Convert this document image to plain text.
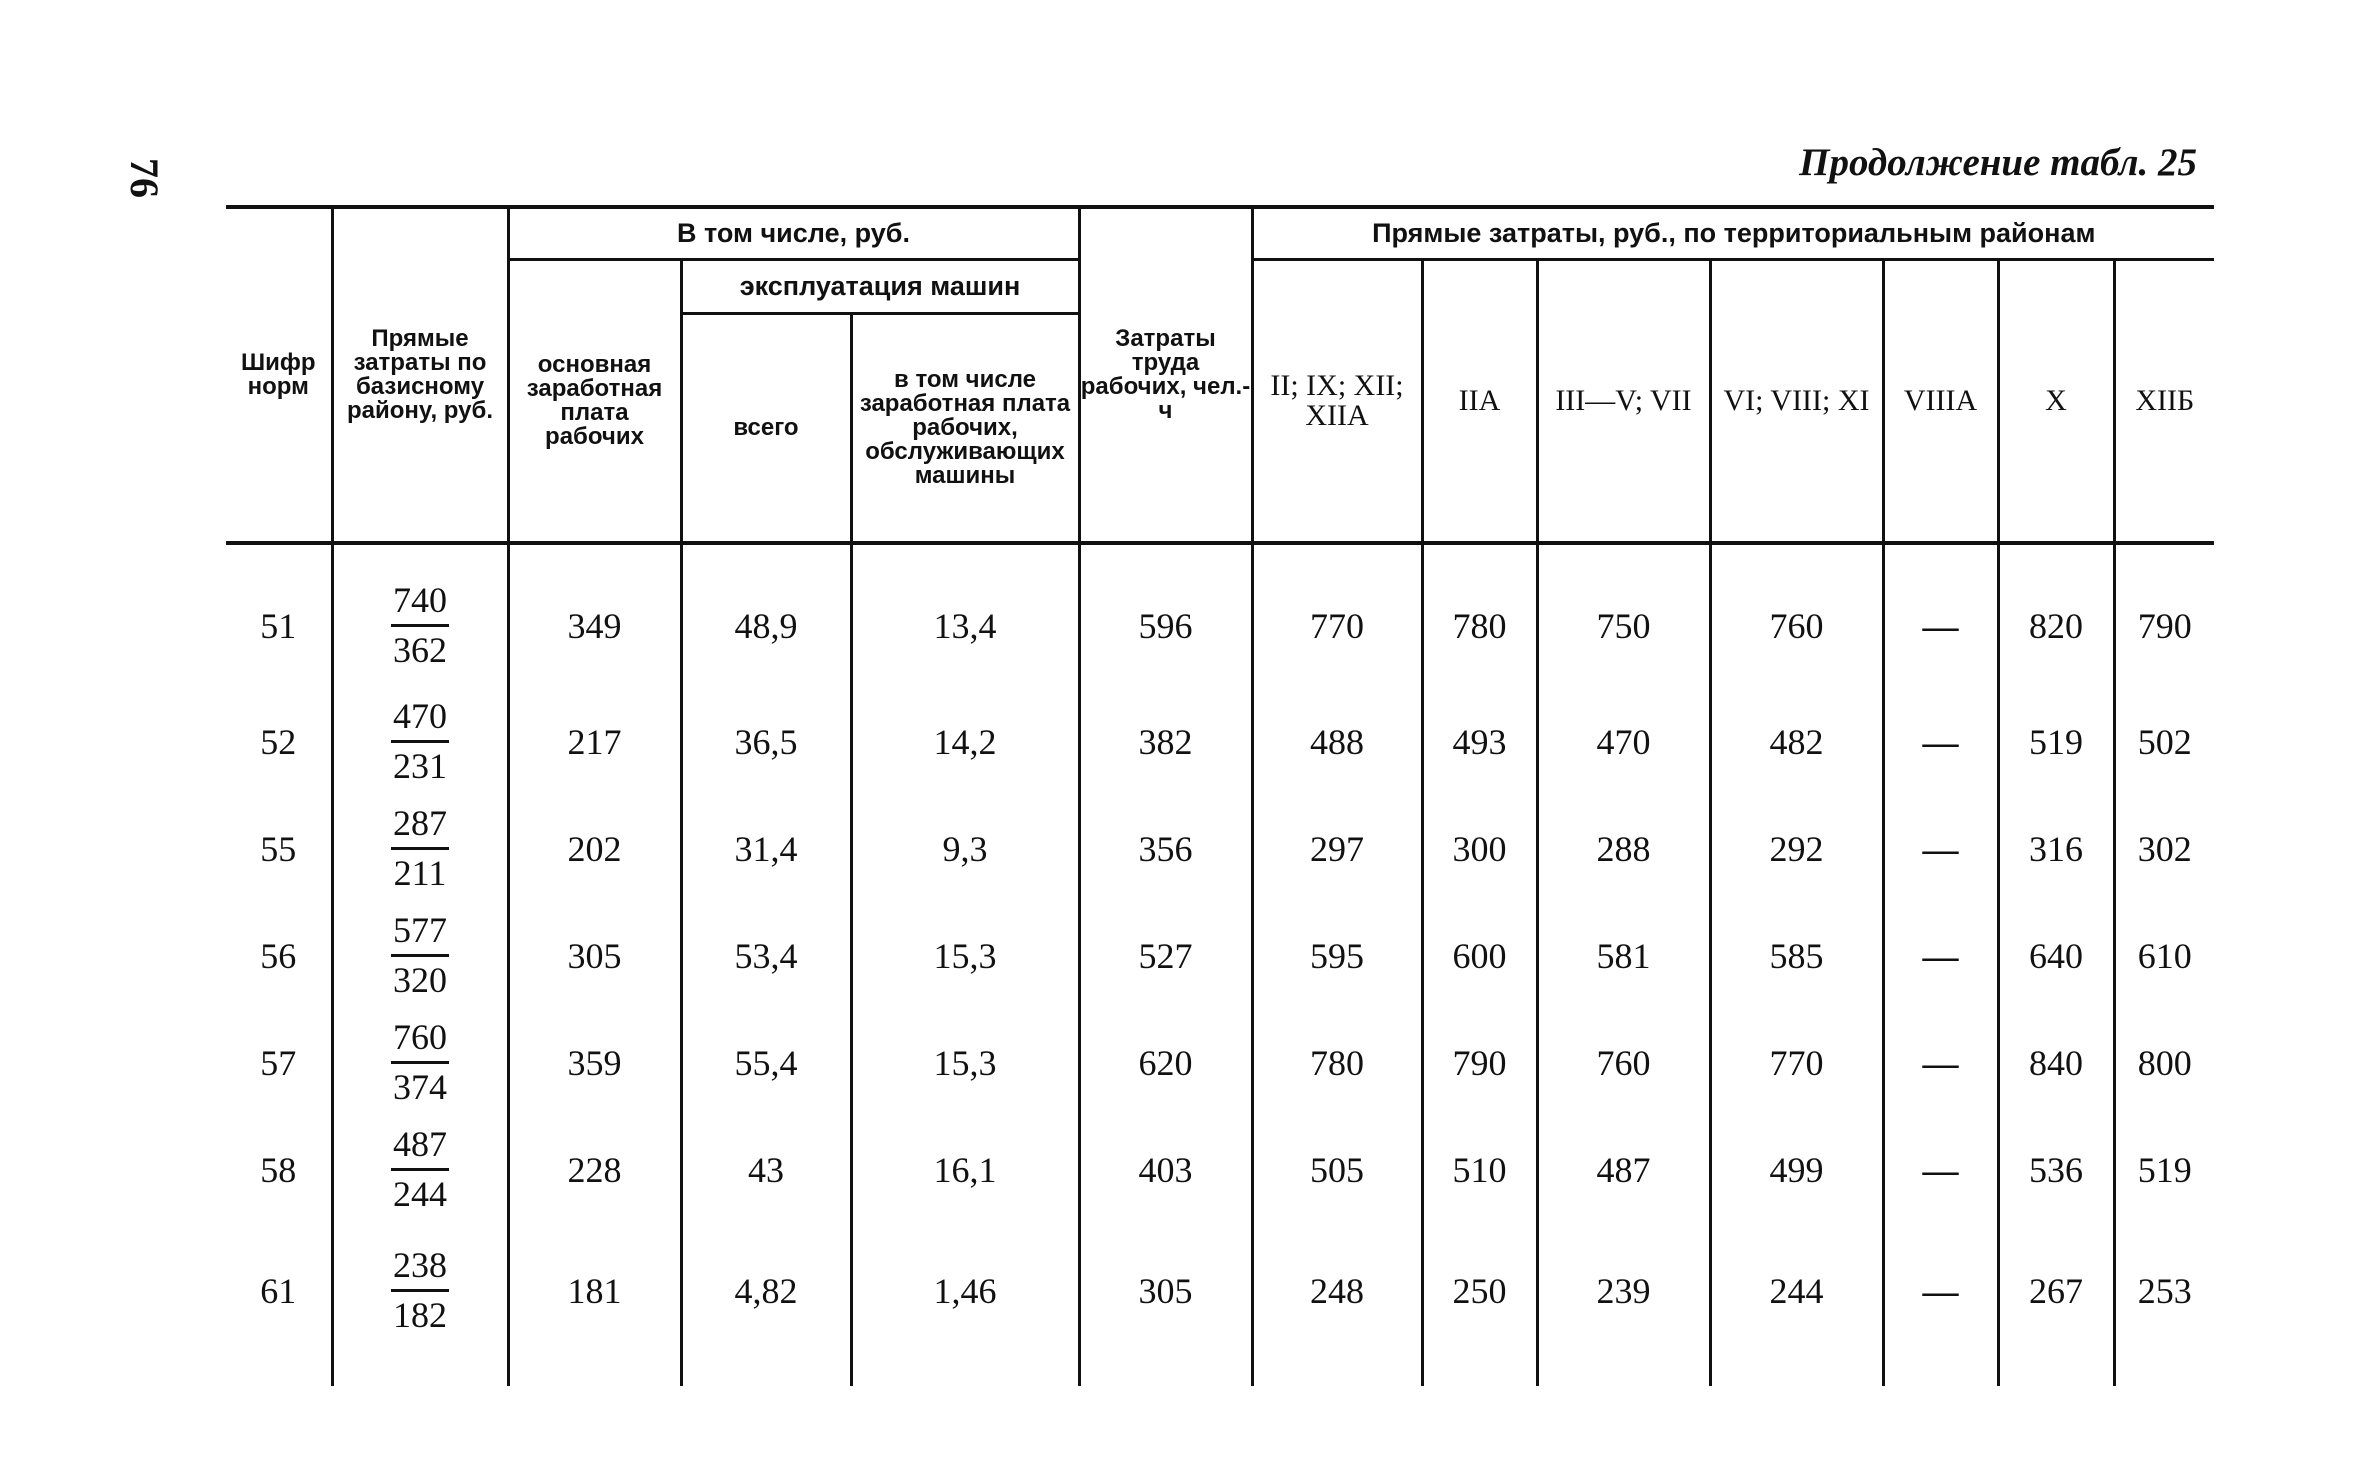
76	Продолжение табл. 25
Шифр норм	Прямые затраты по базисному району, руб.	В том числе, руб.			Затраты труда рабочих, чел.-ч	Прямые затраты, руб., по территориальным районам						
		основная заработная плата рабочих	эксплуатация машин			II; IX; XII; XIIA	IIA	III—V; VII	VI; VIII; XI	VIIIA	X	XIIБ
			всего	в том числе заработная плата рабочих, обслуживающих машины								
51	$\frac{740}{362}$	349	48,9	13,4	596	770	780	750	760	—	820	790
52	$\frac{470}{231}$	217	36,5	14,2	382	488	493	470	482	—	519	502
55	$\frac{287}{211}$	202	31,4	9,3	356	297	300	288	292	—	316	302
56	$\frac{577}{320}$	305	53,4	15,3	527	595	600	581	585	—	640	610
57	$\frac{760}{374}$	359	55,4	15,3	620	780	790	760	770	—	840	800
58	$\frac{487}{244}$	228	43	16,1	403	505	510	487	499	—	536	519
61	$\frac{238}{182}$	181	4,82	1,46	305	248	250	239	244	—	267	253
